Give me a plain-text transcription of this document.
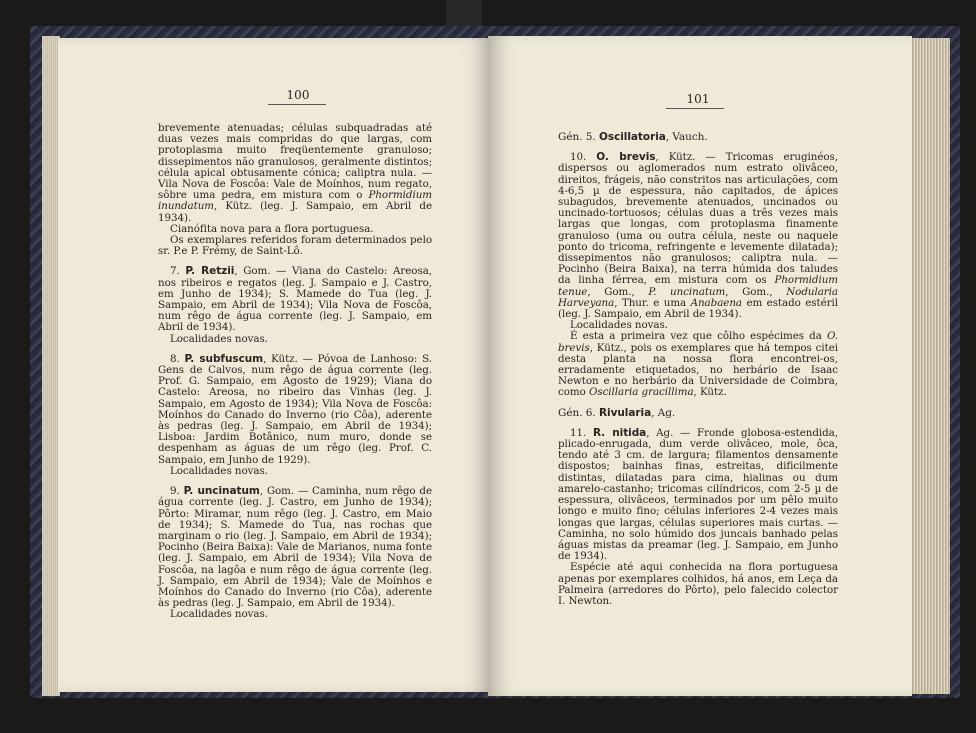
100

brevemente atenuadas; células subquadradas até duas vezes mais compridas do que largas, com protoplasma muito freqüentemente granuloso; dissepimentos não granulosos, geralmente distintos; célula apical obtusamente cónica; caliptra nula. — Vila Nova de Foscôa: Vale de Moínhos, num regato, sôbre uma pedra, em mistura com o Phormidium inundatum, Kütz. (leg. J. Sampaio, em Abril de 1934).

Cianófita nova para a flora portuguesa.

Os exemplares referidos foram determinados pelo sr. P.e P. Frémy, de Saint-Lô.

7. P. Retzii, Gom. — Viana do Castelo: Areosa, nos ribeiros e regatos (leg. J. Sampaio e J. Castro, em Junho de 1934); S. Mamede do Tua (leg. J. Sampaio, em Abril de 1934); Vila Nova de Foscôa, num rêgo de água corrente (leg. J. Sampaio, em Abril de 1934).

Localidades novas.

8. P. subfuscum, Kütz. — Póvoa de Lanhoso: S. Gens de Calvos, num rêgo de água corrente (leg. Prof. G. Sampaio, em Agosto de 1929); Viana do Castelo: Areosa, no ribeiro das Vinhas (leg. J. Sampaio, em Agosto de 1934); Vila Nova de Foscôa: Moínhos do Canado do Inverno (rio Côa), aderente às pedras (leg. J. Sampaio, em Abril de 1934); Lisboa: Jardim Botânico, num muro, donde se despenham as águas de um rêgo (leg. Prof. C. Sampaio, em Junho de 1929).

Localidades novas.

9. P. uncinatum, Gom. — Caminha, num rêgo de água corrente (leg. J. Castro, em Junho de 1934); Pôrto: Miramar, num rêgo (leg. J. Castro, em Maio de 1934); S. Mamede do Tua, nas rochas que marginam o rio (leg. J. Sampaio, em Abril de 1934); Pocinho (Beira Baixa): Vale de Marianos, numa fonte (leg. J. Sampaio, em Abril de 1934); Vila Nova de Foscôa, na lagôa e num rêgo de água corrente (leg. J. Sampaio, em Abril de 1934); Vale de Moínhos e Moínhos do Canado do Inverno (rio Côa), aderente às pedras (leg. J. Sampaio, em Abril de 1934).

Localidades novas.

101

Gén. 5. Oscillatoria, Vauch.

10. O. brevis, Kütz. — Tricomas eruginéos, dispersos ou aglomerados num estrato olivâceo, direitos, frágeis, não constritos nas articulações, com 4-6,5 µ de espessura, não capitados, de ápices subagudos, brevemente atenuados, uncinados ou uncinado-tortuosos; células duas a três vezes mais largas que longas, com protoplasma finamente granuloso (uma ou outra célula, neste ou naquele ponto do tricoma, refringente e levemente dilatada); dissepimentos não granulosos; caliptra nula. — Pocinho (Beira Baixa), na terra húmida dos taludes da linha férrea, em mistura com os Phormidium tenue, Gom., P. uncinatum, Gom., Nodularia Harveyana, Thur. e uma Anabaena em estado estéril (leg. J. Sampaio, em Abril de 1934).

Localidades novas.

É esta a primeira vez que côlho espécimes da O. brevis, Kütz., pois os exemplares que há tempos citei desta planta na nossa flora encontrei-os, erradamente etiquetados, no herbário de Isaac Newton e no herbário da Universidade de Coimbra, como Oscillaria gracillima, Kütz.

Gén. 6. Rivularia, Ag.

11. R. nitida, Ag. — Fronde globosa-estendida, plicado-enrugada, dum verde olivâceo, mole, ôca, tendo até 3 cm. de largura; filamentos densamente dispostos; bainhas finas, estreitas, dificilmente distintas, dilatadas para cima, hialinas ou dum amarelo-castanho; tricomas cilíndricos, com 2-5 µ de espessura, olivâceos, terminados por um pêlo muito longo e muito fino; células inferiores 2-4 vezes mais longas que largas, células superiores mais curtas. — Caminha, no solo húmido dos juncais banhado pelas águas mistas da preamar (leg. J. Sampaio, em Junho de 1934).

Espécie até aqui conhecida na flora portuguesa apenas por exemplares colhidos, há anos, em Leça da Palmeira (arredores do Pôrto), pelo falecido colector I. Newton.
